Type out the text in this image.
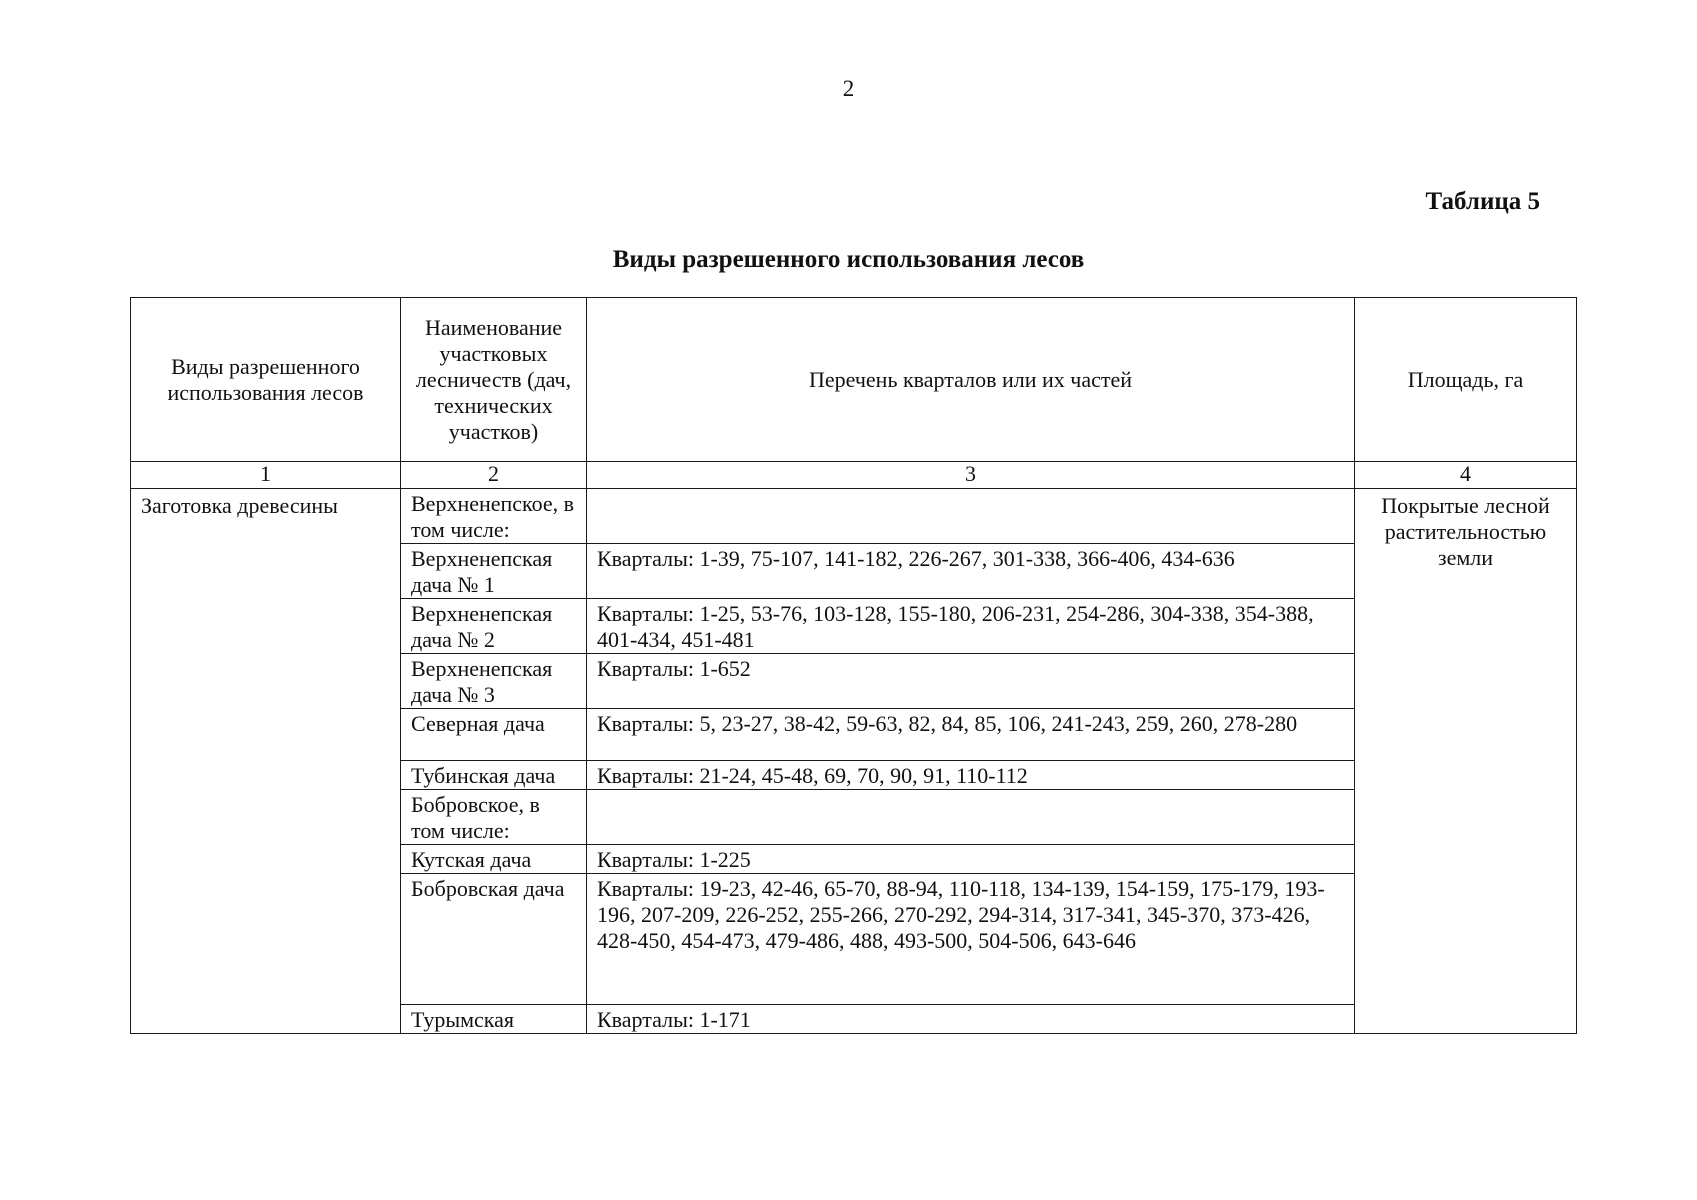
2
Таблица 5
Виды разрешенного использования лесов
Виды разрешенного использования лесов	Наименование участковых лесничеств (дач, технических участков)	Перечень кварталов или их частей	Площадь, га
1	2	3	4
Заготовка древесины	Верхненепское, в том числе:		Покрытые лесной растительностью земли
	Верхненепская дача № 1	Кварталы: 1-39, 75-107, 141-182, 226-267, 301-338, 366-406, 434-636	
	Верхненепская дача № 2	Кварталы: 1-25, 53-76, 103-128, 155-180, 206-231, 254-286, 304-338, 354-388, 401-434, 451-481	
	Верхненепская дача № 3	Кварталы: 1-652	
	Северная дача	Кварталы: 5, 23-27, 38-42, 59-63, 82, 84, 85, 106, 241-243, 259, 260, 278-280	
	Тубинская дача	Кварталы: 21-24, 45-48, 69, 70, 90, 91, 110-112	
	Бобровское, в том числе:		
	Кутская дача	Кварталы: 1-225	
	Бобровская дача	Кварталы: 19-23, 42-46, 65-70, 88-94, 110-118, 134-139, 154-159, 175-179, 193-196, 207-209, 226-252, 255-266, 270-292, 294-314, 317-341, 345-370, 373-426, 428-450, 454-473, 479-486, 488, 493-500, 504-506, 643-646	
	Турымская	Кварталы: 1-171	
